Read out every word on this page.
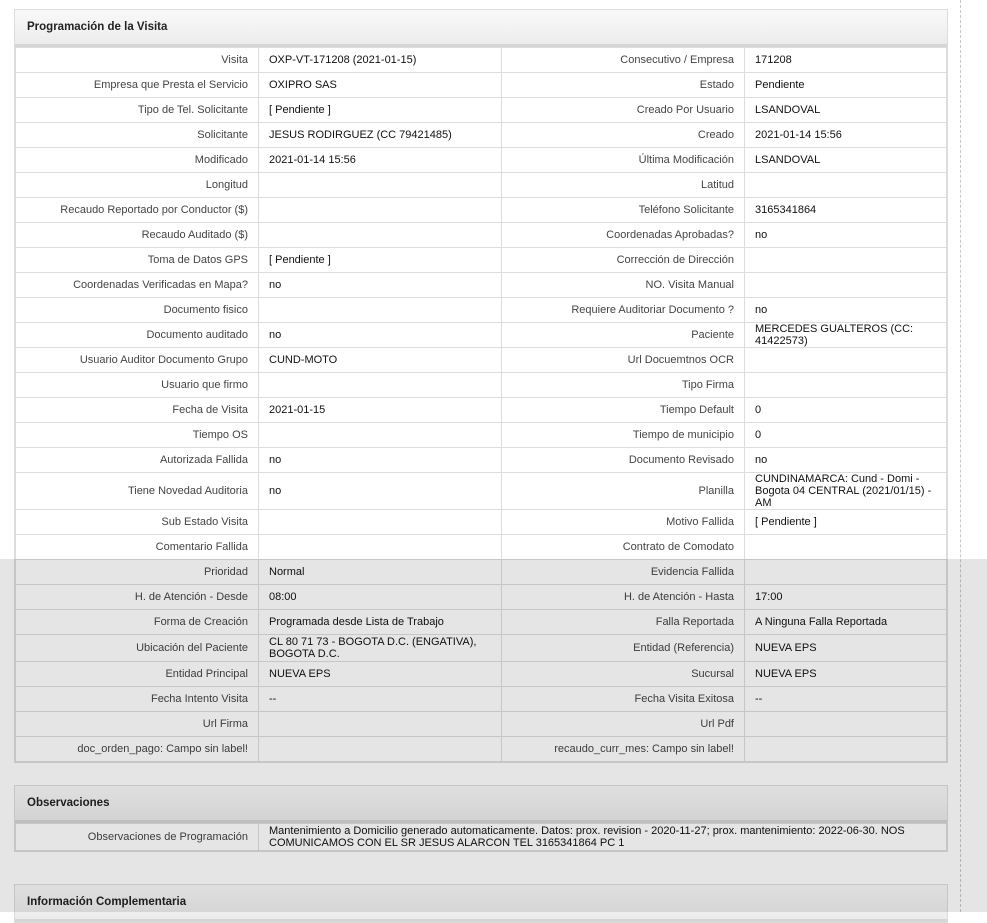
Programación de la Visita
Visita	OXP-VT-171208 (2021-01-15)	Consecutivo / Empresa	171208

Empresa que Presta el Servicio	OXIPRO SAS	Estado	Pendiente

Tipo de Tel. Solicitante	[ Pendiente ]	Creado Por Usuario	LSANDOVAL

Solicitante	JESUS RODIRGUEZ (CC 79421485)	Creado	2021-01-14 15:56

Modificado	2021-01-14 15:56	Última Modificación	LSANDOVAL

Longitud		Latitud	

Recaudo Reportado por Conductor ($)		Teléfono Solicitante	3165341864

Recaudo Auditado ($)		Coordenadas Aprobadas?	no

Toma de Datos GPS	[ Pendiente ]	Corrección de Dirección	

Coordenadas Verificadas en Mapa?	no	NO. Visita Manual	

Documento fisico		Requiere Auditoriar Documento ?	no

Documento auditado	no	Paciente	MERCEDES GUALTEROS (CC: 41422573)

Usuario Auditor Documento Grupo	CUND-MOTO	Url Docuemtnos OCR	

Usuario que firmo		Tipo Firma	

Fecha de Visita	2021-01-15	Tiempo Default	0

Tiempo OS		Tiempo de municipio	0

Autorizada Fallida	no	Documento Revisado	no

Tiene Novedad Auditoria	no	Planilla	CUNDINAMARCA: Cund - Domi - Bogota 04 CENTRAL (2021/01/15) - AM

Sub Estado Visita		Motivo Fallida	[ Pendiente ]

Comentario Fallida		Contrato de Comodato	

Prioridad	Normal	Evidencia Fallida	

H. de Atención - Desde	08:00	H. de Atención - Hasta	17:00

Forma de Creación	Programada desde Lista de Trabajo	Falla Reportada	A Ninguna Falla Reportada

Ubicación del Paciente	CL 80 71 73 - BOGOTA D.C. (ENGATIVA), BOGOTA D.C.	Entidad (Referencia)	NUEVA EPS

Entidad Principal	NUEVA EPS	Sucursal	NUEVA EPS

Fecha Intento Visita	--	Fecha Visita Exitosa	--

Url Firma		Url Pdf	

doc_orden_pago: Campo sin label!		recaudo_curr_mes: Campo sin label!	
Observaciones
Observaciones de Programación	Mantenimiento a Domicilio generado automaticamente. Datos: prox. revision - 2020-11-27; prox. mantenimiento: 2022-06-30. NOS COMUNICAMOS CON EL SR JESUS ALARCON TEL 3165341864 PC 1
Información Complementaria
